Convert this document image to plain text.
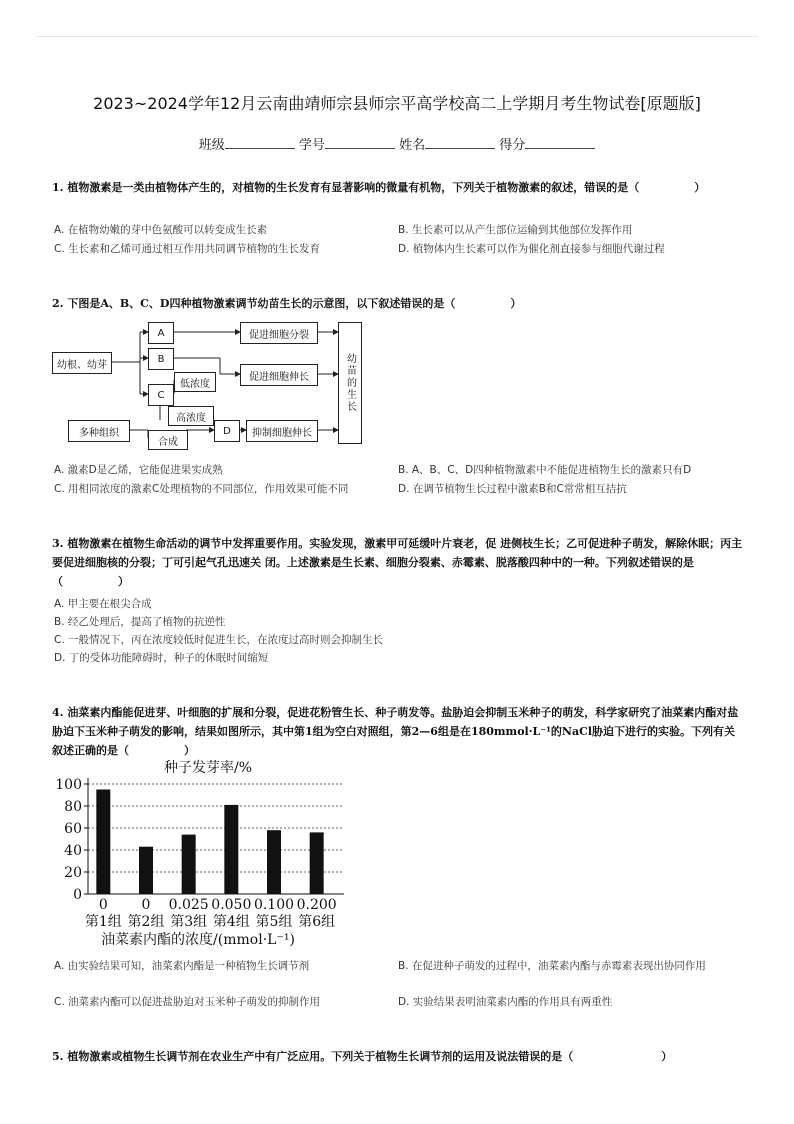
2023~2024学年12月云南曲靖师宗县师宗平高学校高二上学期月考生物试卷[原题版]
班级	学号	姓名	得分
1. 植物激素是一类由植物体产生的，对植物的生长发育有显著影响的微量有机物，下列关于植物激素的叙述，错误的是（　　　　　）
A. 在植物幼嫩的芽中色氨酸可以转变成生长素	B. 生长素可以从产生部位运输到其他部位发挥作用
C. 生长素和乙烯可通过相互作用共同调节植物的生长发育	D. 植物体内生长素可以作为催化剂直接参与细胞代谢过程
2. 下图是A、B、C、D四种植物激素调节幼苗生长的示意图，以下叙述错误的是（　　　　　）
幼根、幼芽
A
B
低浓度
C
高浓度
多种组织
合成
D
促进细胞分裂
促进细胞伸长
抑制细胞伸长
幼苗的生长
A. 激素D是乙烯，它能促进果实成熟	B. A、B、C、D四种植物激素中不能促进植物生长的激素只有D
C. 用相同浓度的激素C处理植物的不同部位，作用效果可能不同	D. 在调节植物生长过程中激素B和C常常相互拮抗
3. 植物激素在植物生命活动的调节中发挥重要作用。实验发现，激素甲可延缓叶片衰老，促 进侧枝生长；乙可促进种子萌发，解除休眠；丙主要促进细胞核的分裂；丁可引起气孔迅速关 闭。上述激素是生长素、细胞分裂素、赤霉素、脱落酸四种中的一种。下列叙述错误的是（　　　　　）
A. 甲主要在根尖合成
B. 经乙处理后，提高了植物的抗逆性
C. 一般情况下，丙在浓度较低时促进生长，在浓度过高时则会抑制生长
D. 丁的受体功能障碍时，种子的休眠时间缩短
4. 油菜素内酯能促进芽、叶细胞的扩展和分裂，促进花粉管生长、种子萌发等。盐胁迫会抑制玉米种子的萌发，科学家研究了油菜素内酯对盐胁迫下玉米种子萌发的影响，结果如图所示，其中第1组为空白对照组，第2—6组是在180mmol·L⁻¹的NaCl胁迫下进行的实验。下列有关叙述正确的是（　　　　　）
种子发芽率/%
0
20
40
60
80
100
0
第1组
0
第2组
0.025
第3组
0.050
第4组
0.100
第5组
0.200
第6组
油菜素内酯的浓度/(mmol·L⁻¹)
A. 由实验结果可知，油菜素内酯是一种植物生长调节剂	B. 在促进种子萌发的过程中，油菜素内酯与赤霉素表现出协同作用
C. 油菜素内酯可以促进盐胁迫对玉米种子萌发的抑制作用	D. 实验结果表明油菜素内酯的作用具有两重性
5. 植物激素或植物生长调节剂在农业生产中有广泛应用。下列关于植物生长调节剂的运用及说法错误的是（　　　　　　　　）
